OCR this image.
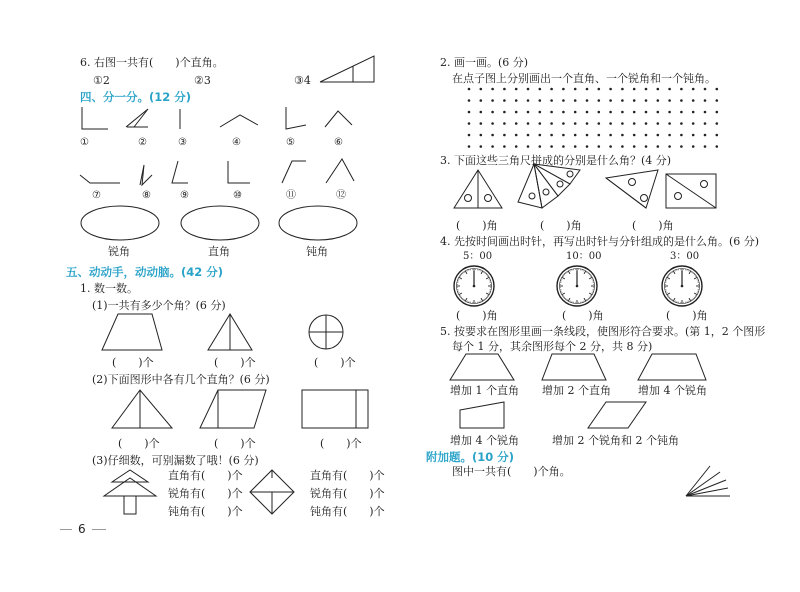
6. 右图一共有(　　)个直角。
①2	②3	③4
四、分一分。(12 分)
①	②	③	④	⑤	⑥
⑦	⑧	⑨	⑩	⑪	⑫
锐角	直角	钝角
五、动动手，动动脑。(42 分)
1. 数一数。
(1)一共有多少个角？(6 分)
(　　)个	(　　)个	(　　)个
(2)下面图形中各有几个直角？(6 分)
(　　)个	(　　)个	(　　)个
(3)仔细数，可别漏数了哦！(6 分)
直角有(　　)个
锐角有(　　)个
钝角有(　　)个
直角有(　　)个
锐角有(　　)个
钝角有(　　)个
6
2. 画一画。(6 分)
在点子图上分别画出一个直角、一个锐角和一个钝角。
3. 下面这些三角尺拼成的分别是什么角？(4 分)
(　　)角	(　　)角	(　　)角
4. 先按时间画出时针，再写出时针与分针组成的是什么角。(6 分)
5：00	10：00	3：00
(　　)角	(　　)角	(　　)角
5. 按要求在图形里画一条线段，使图形符合要求。(第 1，2 个图形
每个 1 分，其余图形每个 2 分，共 8 分)
增加 1 个直角 增加 2 个直角 增加 4 个锐角
增加 4 个锐角	增加 2 个锐角和 2 个钝角
附加题。(10 分)
图中一共有(　　)个角。
